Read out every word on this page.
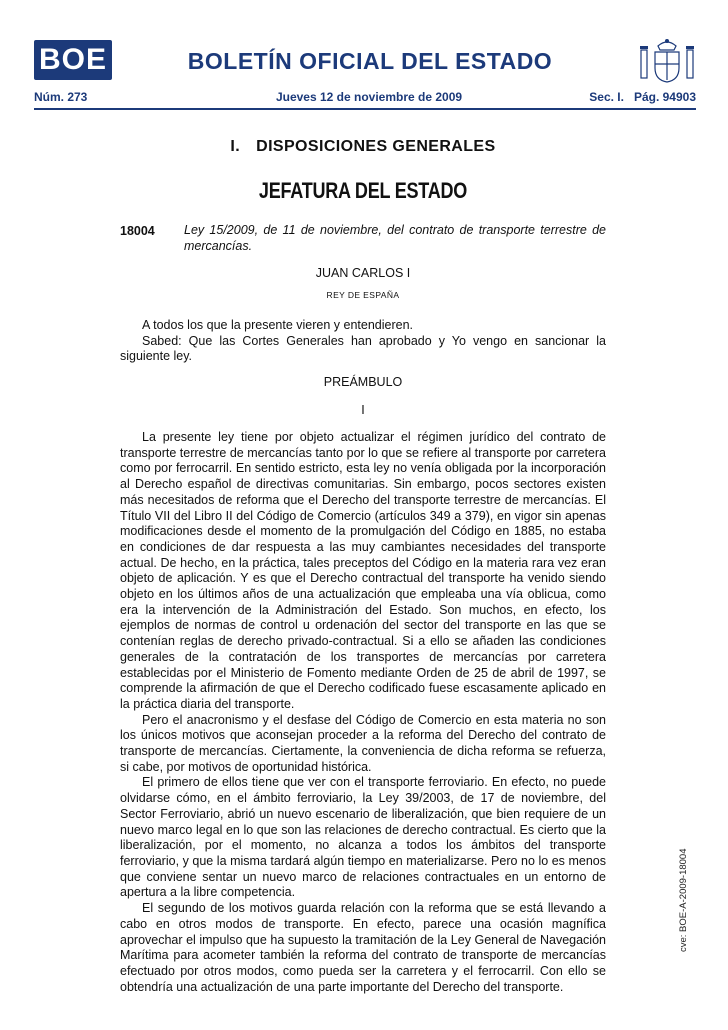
BOE	BOLETÍN OFICIAL DEL ESTADO
Núm. 273	Jueves 12 de noviembre de 2009	Sec. I.   Pág. 94903
I. DISPOSICIONES GENERALES
JEFATURA DEL ESTADO
18004 Ley 15/2009, de 11 de noviembre, del contrato de transporte terrestre de mercancías.
JUAN CARLOS I
REY DE ESPAÑA

A todos los que la presente vieren y entendieren.

Sabed: Que las Cortes Generales han aprobado y Yo vengo en sancionar la siguiente ley.

PREÁMBULO
I

La presente ley tiene por objeto actualizar el régimen jurídico del contrato de transporte terrestre de mercancías tanto por lo que se refiere al transporte por carretera como por ferrocarril. En sentido estricto, esta ley no venía obligada por la incorporación al Derecho español de directivas comunitarias. Sin embargo, pocos sectores existen más necesitados de reforma que el Derecho del transporte terrestre de mercancías. El Título VII del Libro II del Código de Comercio (artículos 349 a 379), en vigor sin apenas modificaciones desde el momento de la promulgación del Código en 1885, no estaba en condiciones de dar respuesta a las muy cambiantes necesidades del transporte actual. De hecho, en la práctica, tales preceptos del Código en la materia rara vez eran objeto de aplicación. Y es que el Derecho contractual del transporte ha venido siendo objeto en los últimos años de una actualización que empleaba una vía oblicua, como era la intervención de la Administración del Estado. Son muchos, en efecto, los ejemplos de normas de control u ordenación del sector del transporte en las que se contenían reglas de derecho privado-contractual. Si a ello se añaden las condiciones generales de la contratación de los transportes de mercancías por carretera establecidas por el Ministerio de Fomento mediante Orden de 25 de abril de 1997, se comprende la afirmación de que el Derecho codificado fuese escasamente aplicado en la práctica diaria del transporte.

Pero el anacronismo y el desfase del Código de Comercio en esta materia no son los únicos motivos que aconsejan proceder a la reforma del Derecho del contrato de transporte de mercancías. Ciertamente, la conveniencia de dicha reforma se refuerza, si cabe, por motivos de oportunidad histórica.

El primero de ellos tiene que ver con el transporte ferroviario. En efecto, no puede olvidarse cómo, en el ámbito ferroviario, la Ley 39/2003, de 17 de noviembre, del Sector Ferroviario, abrió un nuevo escenario de liberalización, que bien requiere de un nuevo marco legal en lo que son las relaciones de derecho contractual. Es cierto que la liberalización, por el momento, no alcanza a todos los ámbitos del transporte ferroviario, y que la misma tardará algún tiempo en materializarse. Pero no lo es menos que conviene sentar un nuevo marco de relaciones contractuales en un entorno de apertura a la libre competencia.

El segundo de los motivos guarda relación con la reforma que se está llevando a cabo en otros modos de transporte. En efecto, parece una ocasión magnífica aprovechar el impulso que ha supuesto la tramitación de la Ley General de Navegación Marítima para acometer también la reforma del contrato de transporte de mercancías efectuado por otros modos, como pueda ser la carretera y el ferrocarril. Con ello se obtendría una actualización de una parte importante del Derecho del transporte.

cve: BOE-A-2009-18004
